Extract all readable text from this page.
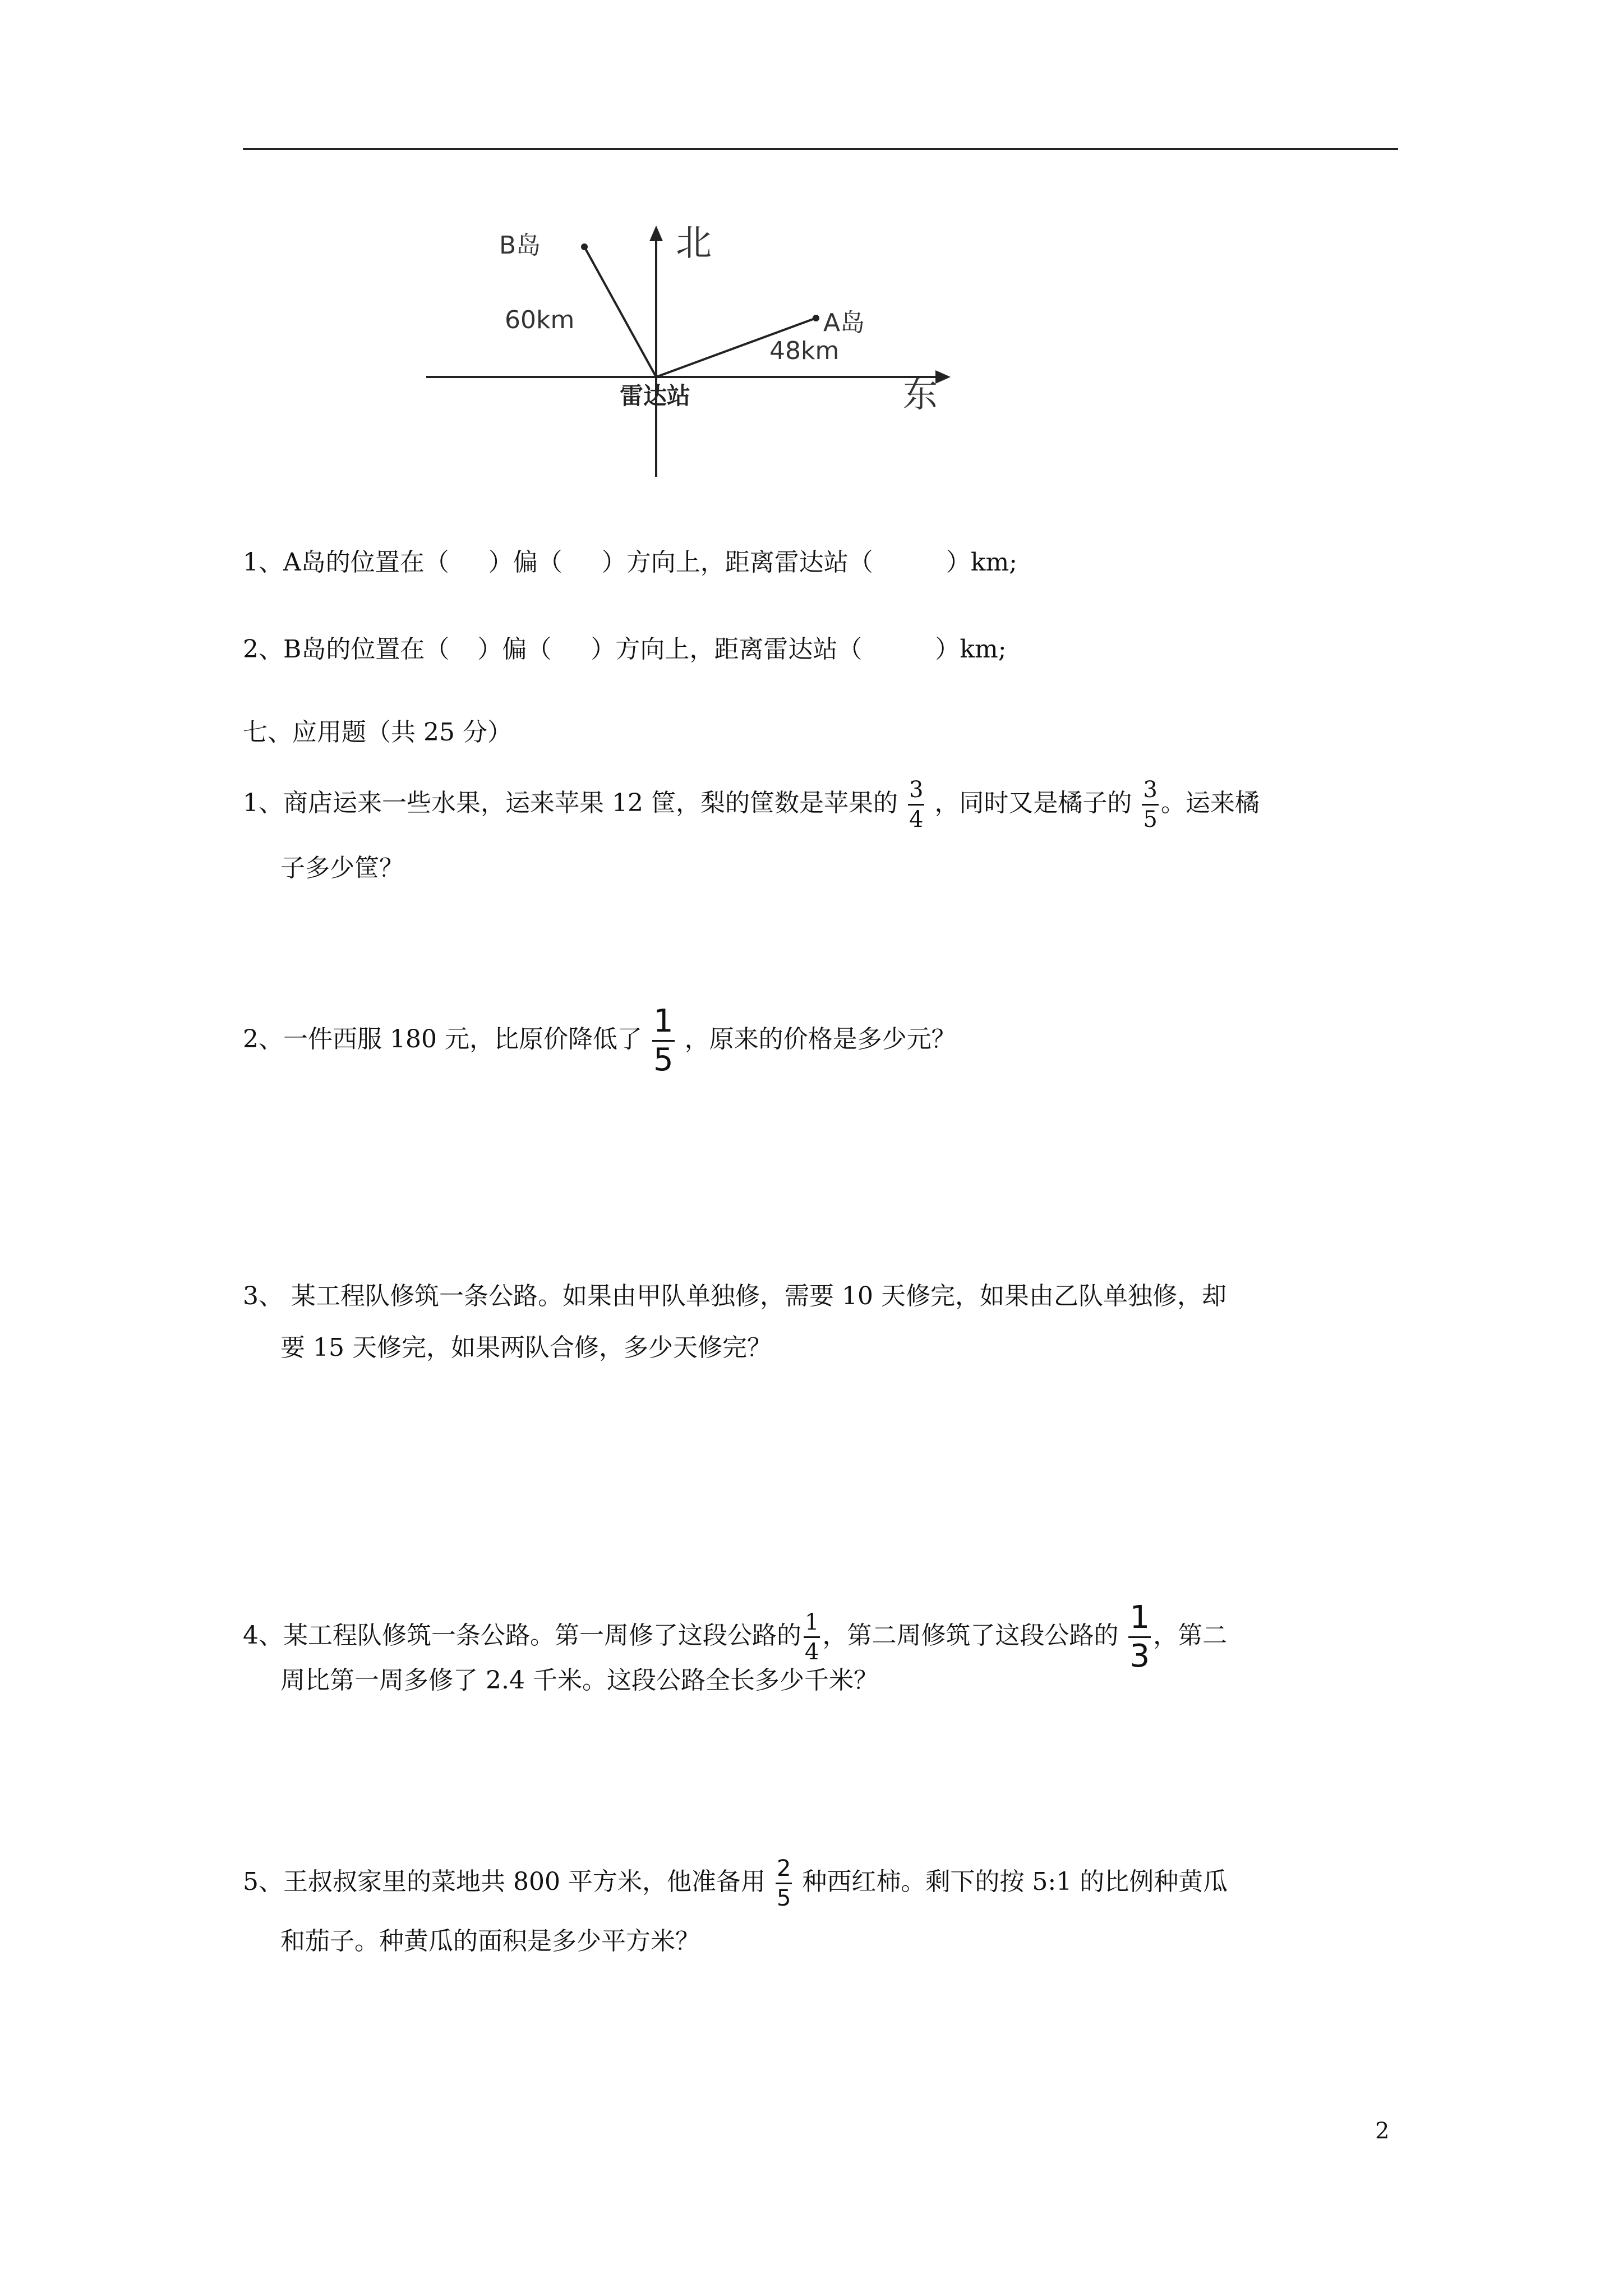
北
东
B岛
60km	A岛
48km
雷达站
1、A岛的位置在（ ）偏（ ）方向上，距离雷达站（	）km;
2、B岛的位置在（ ）偏（ ）方向上，距离雷达站（	）km;
七、应用题（共 25 分）
1、商店运来一些水果，运来苹果 12 筐，梨的筐数是苹果的 $\frac{3}{4}$ ，同时又是橘子的 $\frac{3}{5}$ 。运来橘
子多少筐？
2、一件西服 180 元，比原价降低了 $\frac{1}{5}$ ，原来的价格是多少元？
3、 某工程队修筑一条公路。如果由甲队单独修，需要 10 天修完，如果由乙队单独修，却
要 15 天修完，如果两队合修，多少天修完？
4、某工程队修筑一条公路。第一周修了这段公路的 $\frac{1}{4}$ ，第二周修筑了这段公路的 $\frac{1}{3}$ ，第二
周比第一周多修了 2.4 千米。这段公路全长多少千米？
5、王叔叔家里的菜地共 800 平方米，他准备用 $\frac{2}{5}$ 种西红柿。剩下的按 5:1 的比例种黄瓜
和茄子。种黄瓜的面积是多少平方米？
2
